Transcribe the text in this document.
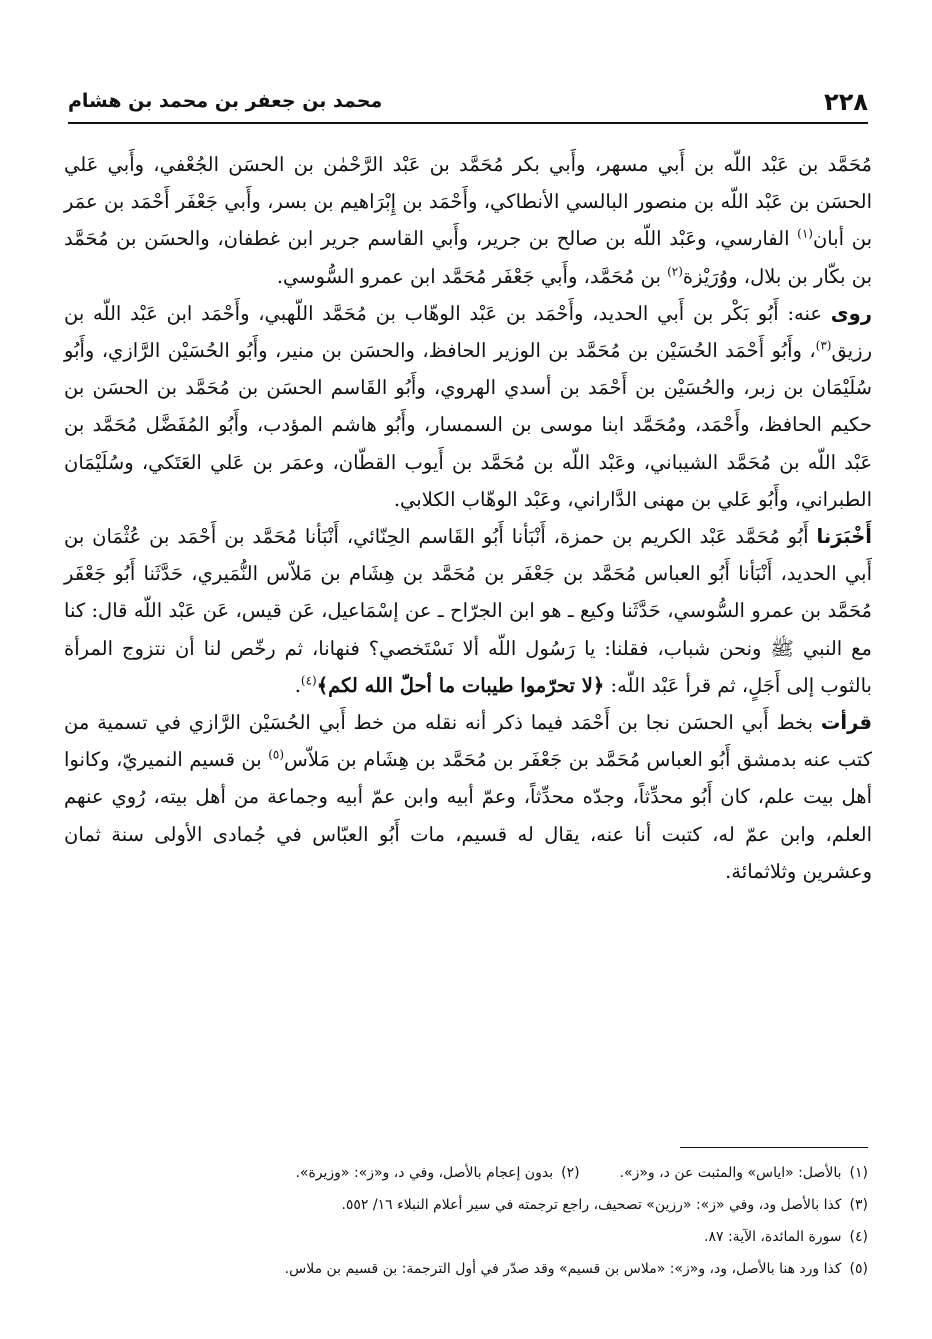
٢٢٨
محمد بن جعفر بن محمد بن هشام

مُحَمَّد بن عَبْد اللّه بن أَبي مسهر، وأَبي بكر مُحَمَّد بن عَبْد الرَّحْمٰن بن الحسَن الجُعْفي، وأَبي عَلي الحسَن بن عَبْد اللّه بن منصور البالسي الأنطاكي، وأَحْمَد بن إِبْرَاهيم بن بسر، وأَبي جَعْفَر أَحْمَد بن عمَر بن أبان$^{(١)}$ الفارسي، وعَبْد اللّه بن صالح بن جرير، وأَبي القاسم جرير ابن غطفان، والحسَن بن مُحَمَّد بن بكّار بن بلال، ووُرَيْزة$^{(٢)}$ بن مُحَمَّد، وأَبي جَعْفَر مُحَمَّد ابن عمرو السُّوسي.

روى عنه: أَبُو بَكْر بن أَبي الحديد، وأَحْمَد بن عَبْد الوهّاب بن مُحَمَّد اللّهبي، وأَحْمَد ابن عَبْد اللّه بن رزيق$^{(٣)}$، وأَبُو أَحْمَد الحُسَيْن بن مُحَمَّد بن الوزير الحافظ، والحسَن بن منير، وأَبُو الحُسَيْن الرَّازي، وأَبُو سُلَيْمَان بن زبر، والحُسَيْن بن أَحْمَد بن أسدي الهروي، وأَبُو القَاسم الحسَن بن مُحَمَّد بن الحسَن بن حكيم الحافظ، وأَحْمَد، ومُحَمَّد ابنا موسى بن السمسار، وأَبُو هاشم المؤدب، وأَبُو المُفَضَّل مُحَمَّد بن عَبْد اللّه بن مُحَمَّد الشيباني، وعَبْد اللّه بن مُحَمَّد بن أَيوب القطّان، وعمَر بن عَلي العَتَكي، وسُلَيْمَان الطبراني، وأَبُو عَلي بن مهنى الدَّاراني، وعَبْد الوهّاب الكلابي.

أَخْبَرَنا أَبُو مُحَمَّد عَبْد الكريم بن حمزة، أَنْبَأنا أَبُو القَاسم الحِنّائي، أَنْبَأنا مُحَمَّد بن أَحْمَد بن عُثْمَان بن أَبي الحديد، أَنْبَأنا أَبُو العباس مُحَمَّد بن جَعْفَر بن مُحَمَّد بن هِشَام بن مَلاّس النُّمَيري، حَدَّثَنا أَبُو جَعْفَر مُحَمَّد بن عمرو السُّوسي، حَدَّثَنا وكيع ـ هو ابن الجرّاح ـ عن إسْمَاعيل، عَن قيس، عَن عَبْد اللّه قال: كنا مع النبي ﷺ ونحن شباب، فقلنا: يا رَسُول اللّه ألا نَسْتَخصي؟ فنهانا، ثم رخّص لنا أن نتزوج المرأة بالثوب إلى أَجَلٍ، ثم قرأ عَبْد اللّه: ﴿لا تحرّموا طيبات ما أحلّ الله لكم﴾$^{(٤)}$.

قرأت بخط أَبي الحسَن نجا بن أَحْمَد فيما ذكر أنه نقله من خط أَبي الحُسَيْن الرَّازي في تسمية من كتب عنه بدمشق أَبُو العباس مُحَمَّد بن جَعْفَر بن مُحَمَّد بن هِشَام بن مَلاّس$^{(٥)}$ بن قسيم النميريّ، وكانوا أهل بيت علم، كان أَبُو محدِّثاً، وجدّه محدِّثاً، وعمّ أبيه وابن عمّ أبيه وجماعة من أهل بيته، رُوي عنهم العلم، وابن عمّ له، كتبت أنا عنه، يقال له قسيم، مات أَبُو العبّاس في جُمادى الأولى سنة ثمان وعشرين وثلاثمائة.

(١)بالأصل: «اياس» والمثبت عن د، و«ز».
(٢)بدون إعجام بالأصل، وفي د، و«ز»: «وزيرة».
(٣)كذا بالأصل ود، وفي «ز»: «رزين» تصحيف، راجع ترجمته في سير أعلام النبلاء ١٦/ ٥٥٢.
(٤)سورة المائدة، الآية: ٨٧.
(٥)كذا ورد هنا بالأصل، ود، و«ز»: «ملاس بن قسيم» وقد صدّر في أول الترجمة: بن قسيم بن ملاس.
